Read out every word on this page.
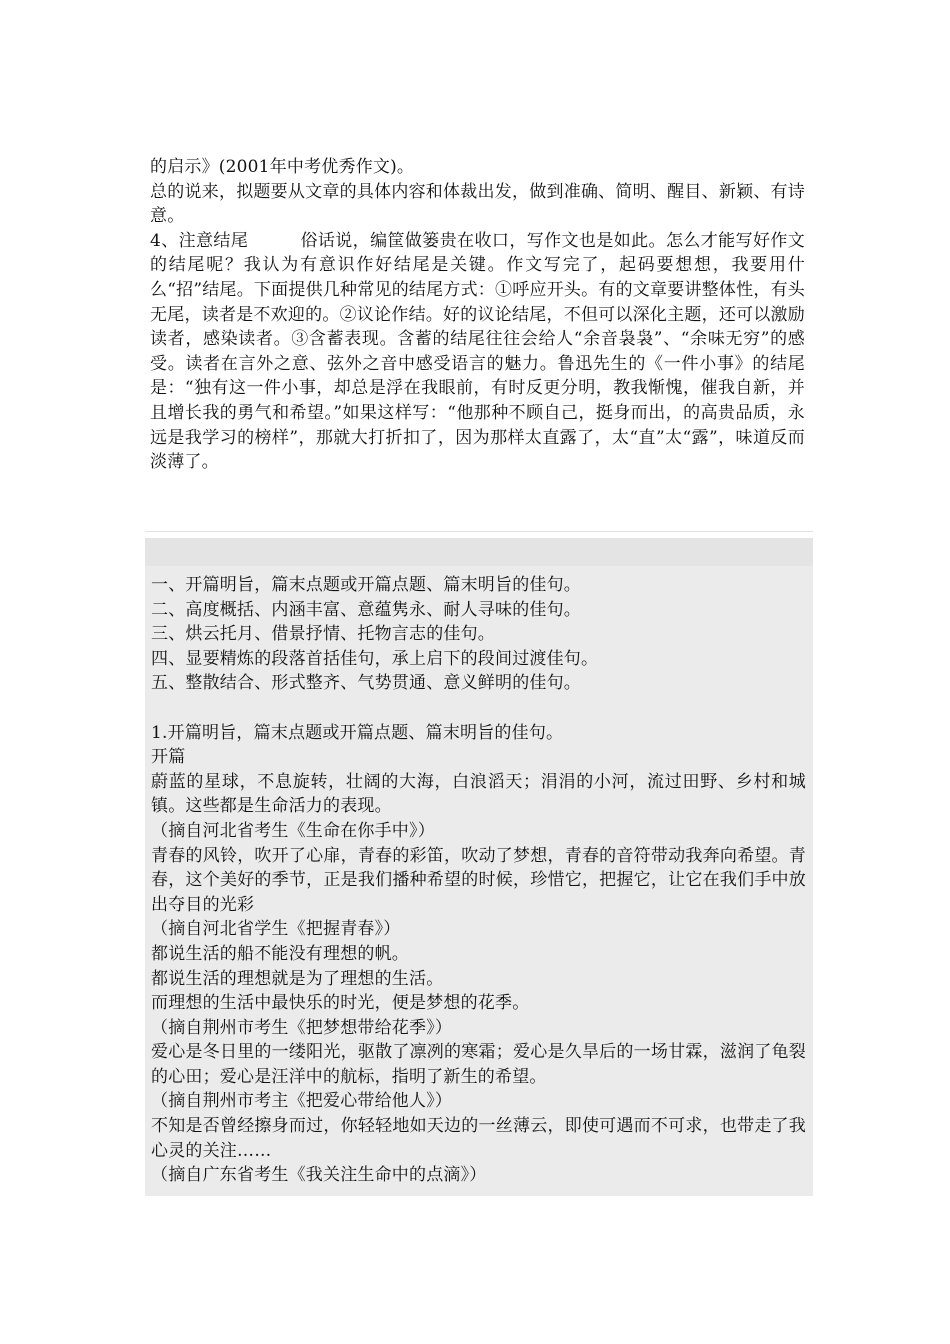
的启示》(2001年中考优秀作文)。

总的说来，拟题要从文章的具体内容和体裁出发，做到准确、简明、醒目、新颖、有诗意。

4、注意结尾　　　俗话说，编筐做篓贵在收口，写作文也是如此。怎么才能写好作文的结尾呢？我认为有意识作好结尾是关键。作文写完了，起码要想想，我要用什么“招”结尾。下面提供几种常见的结尾方式：①呼应开头。有的文章要讲整体性，有头无尾，读者是不欢迎的。②议论作结。好的议论结尾，不但可以深化主题，还可以激励读者，感染读者。③含蓄表现。含蓄的结尾往往会给人“余音袅袅”、“余味无穷”的感受。读者在言外之意、弦外之音中感受语言的魅力。鲁迅先生的《一件小事》的结尾是：“独有这一件小事，却总是浮在我眼前，有时反更分明，教我惭愧，催我自新，并且增长我的勇气和希望。”如果这样写：“他那种不顾自己，挺身而出，的高贵品质，永远是我学习的榜样”，那就大打折扣了，因为那样太直露了，太“直”太“露”，味道反而淡薄了。

一、开篇明旨，篇末点题或开篇点题、篇末明旨的佳句。

二、高度概括、内涵丰富、意蕴隽永、耐人寻味的佳句。

三、烘云托月、借景抒情、托物言志的佳句。

四、显要精炼的段落首括佳句，承上启下的段间过渡佳句。

五、整散结合、形式整齐、气势贯通、意义鲜明的佳句。

1.开篇明旨，篇末点题或开篇点题、篇末明旨的佳句。

开篇

蔚蓝的星球，不息旋转，壮阔的大海，白浪滔天；涓涓的小河，流过田野、乡村和城镇。这些都是生命活力的表现。

（摘自河北省考生《生命在你手中》）

青春的风铃，吹开了心扉，青春的彩笛，吹动了梦想，青春的音符带动我奔向希望。青春，这个美好的季节，正是我们播种希望的时候，珍惜它，把握它，让它在我们手中放出夺目的光彩

（摘自河北省学生《把握青春》）

都说生活的船不能没有理想的帆。

都说生活的理想就是为了理想的生活。

而理想的生活中最快乐的时光，便是梦想的花季。

（摘自荆州市考生《把梦想带给花季》）

爱心是冬日里的一缕阳光，驱散了凛冽的寒霜；爱心是久旱后的一场甘霖，滋润了龟裂的心田；爱心是汪洋中的航标，指明了新生的希望。

（摘自荆州市考主《把爱心带给他人》）

不知是否曾经擦身而过，你轻轻地如天边的一丝薄云，即使可遇而不可求，也带走了我心灵的关注……

（摘自广东省考生《我关注生命中的点滴》）
